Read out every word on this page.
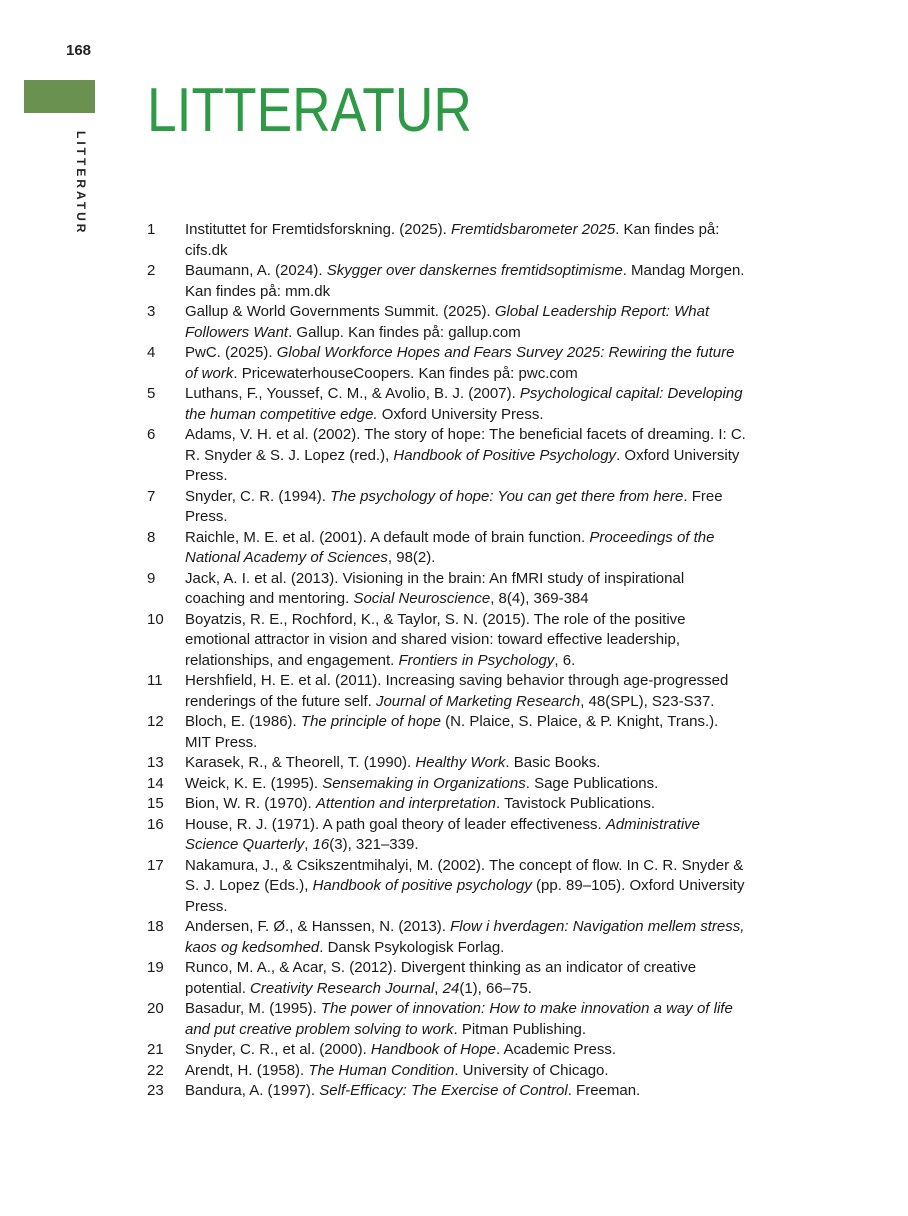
168
LITTERATUR
LITTERATUR
1	Instituttet for Fremtidsforskning. (2025). Fremtidsbarometer 2025. Kan findes på: cifs.dk
2	Baumann, A. (2024). Skygger over danskernes fremtidsoptimisme. Mandag Morgen. Kan findes på: mm.dk
3	Gallup & World Governments Summit. (2025). Global Leadership Report: What Followers Want. Gallup. Kan findes på: gallup.com
4	PwC. (2025). Global Workforce Hopes and Fears Survey 2025: Rewiring the future of work. PricewaterhouseCoopers. Kan findes på: pwc.com
5	Luthans, F., Youssef, C. M., & Avolio, B. J. (2007). Psychological capital: Developing the human competitive edge. Oxford University Press.
6	Adams, V. H. et al. (2002). The story of hope: The beneficial facets of dreaming. I: C. R. Snyder & S. J. Lopez (red.), Handbook of Positive Psychology. Oxford University Press.
7	Snyder, C. R. (1994). The psychology of hope: You can get there from here. Free Press.
8	Raichle, M. E. et al. (2001). A default mode of brain function. Proceedings of the National Academy of Sciences, 98(2).
9	Jack, A. I. et al. (2013). Visioning in the brain: An fMRI study of inspirational coaching and mentoring. Social Neuroscience, 8(4), 369-384
10	Boyatzis, R. E., Rochford, K., & Taylor, S. N. (2015). The role of the positive emotional attractor in vision and shared vision: toward effective leadership, relationships, and engagement. Frontiers in Psychology, 6.
11	Hershfield, H. E. et al. (2011). Increasing saving behavior through age-progressed renderings of the future self. Journal of Marketing Research, 48(SPL), S23-S37.
12	Bloch, E. (1986). The principle of hope (N. Plaice, S. Plaice, & P. Knight, Trans.). MIT Press.
13	Karasek, R., & Theorell, T. (1990). Healthy Work. Basic Books.
14	Weick, K. E. (1995). Sensemaking in Organizations. Sage Publications.
15	Bion, W. R. (1970). Attention and interpretation. Tavistock Publications.
16	House, R. J. (1971). A path goal theory of leader effectiveness. Administrative Science Quarterly, 16(3), 321–339.
17	Nakamura, J., & Csikszentmihalyi, M. (2002). The concept of flow. In C. R. Snyder & S. J. Lopez (Eds.), Handbook of positive psychology (pp. 89–105). Oxford University Press.
18	Andersen, F. Ø., & Hanssen, N. (2013). Flow i hverdagen: Navigation mellem stress, kaos og kedsomhed. Dansk Psykologisk Forlag.
19	Runco, M. A., & Acar, S. (2012). Divergent thinking as an indicator of creative potential. Creativity Research Journal, 24(1), 66–75.
20	Basadur, M. (1995). The power of innovation: How to make innovation a way of life and put creative problem solving to work. Pitman Publishing.
21	Snyder, C. R., et al. (2000). Handbook of Hope. Academic Press.
22	Arendt, H. (1958). The Human Condition. University of Chicago.
23	Bandura, A. (1997). Self-Efficacy: The Exercise of Control. Freeman.
